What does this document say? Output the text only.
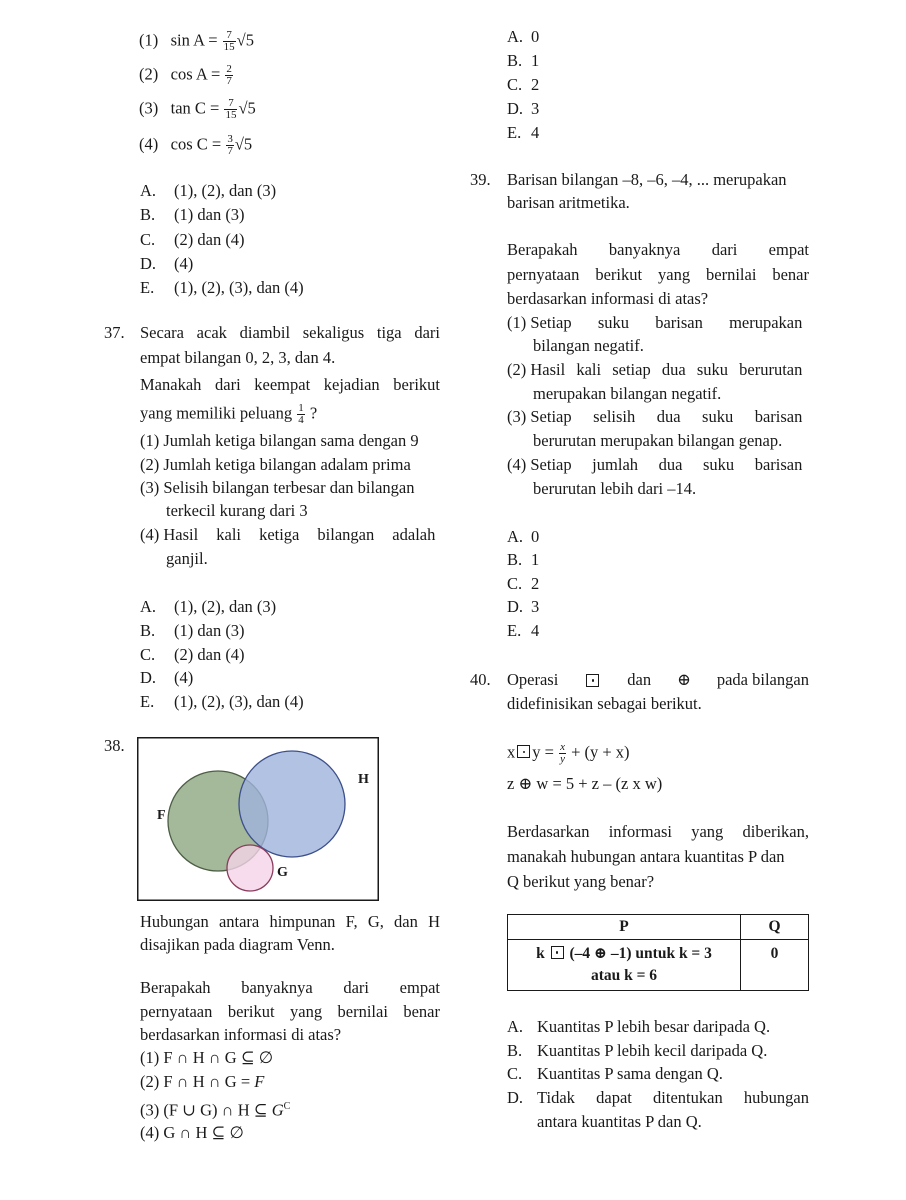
(1) $\sin A = \frac{7}{15} √5$
(2) $\cos A = \frac{2}{7}$
(3) $\tan C = \frac{7}{15} √5$
(4) $\cos C = \frac{3}{7} √5$
A. (1), (2), dan (3)
B. (1) dan (3)
C. (2) dan (4)
D. (4)
E. (1), (2), (3), dan (4)
37. Secara acak diambil sekaligus tiga dari
empat bilangan 0, 2, 3, dan 4.
Manakah dari keempat kejadian berikut
yang memiliki peluang $\frac{1}{4}$ ?
(1) Jumlah ketiga bilangan sama dengan 9
(2) Jumlah ketiga bilangan adalam prima
(3) Selisih bilangan terbesar dan bilangan
terkecil kurang dari 3
(4) Hasil kali ketiga bilangan adalah
ganjil.
A. (1), (2), dan (3)
B. (1) dan (3)
C. (2) dan (4)
D. (4)
E. (1), (2), (3), dan (4)
38.
F
H
G
Hubungan antara himpunan F, G, dan H
disajikan pada diagram Venn.
Berapakah banyaknya dari empat
pernyataan berikut yang bernilai benar
berdasarkan informasi di atas?
(1) F ∩ H ∩ G ⊆ ∅
(2) F ∩ H ∩ G = F
(3) (F ∪ G) ∩ H ⊆ $G^C$
(4) G ∩ H ⊆ ∅
A. 0
B. 1
C. 2
D. 3
E. 4
39. Barisan bilangan –8, –6, –4, ... merupakan
barisan aritmetika.
Berapakah banyaknya dari empat
pernyataan berikut yang bernilai benar
berdasarkan informasi di atas?
(1) Setiap suku barisan merupakan
bilangan negatif.
(2) Hasil kali setiap dua suku berurutan
merupakan bilangan negatif.
(3) Setiap selisih dua suku barisan
berurutan merupakan bilangan genap.
(4) Setiap jumlah dua suku barisan
berurutan lebih dari –14.
A. 0
B. 1
C. 2
D. 3
E. 4
40. Operasi	dan ⊕ pada bilangan
didefinisikan sebagai berikut.
x $y = \frac{x}{y} + (y + x)$
z ⊕ w = 5 + z – (z x w)
Berdasarkan informasi yang diberikan,
manakah hubungan antara kuantitas P dan
Q berikut yang benar?
P	Q

k (–4 ⊕ –1) untuk k = 3
atau k = 6	0
A. Kuantitas P lebih besar daripada Q.
B. Kuantitas P lebih kecil daripada Q.
C. Kuantitas P sama dengan Q.
D. Tidak dapat ditentukan hubungan
antara kuantitas P dan Q.
